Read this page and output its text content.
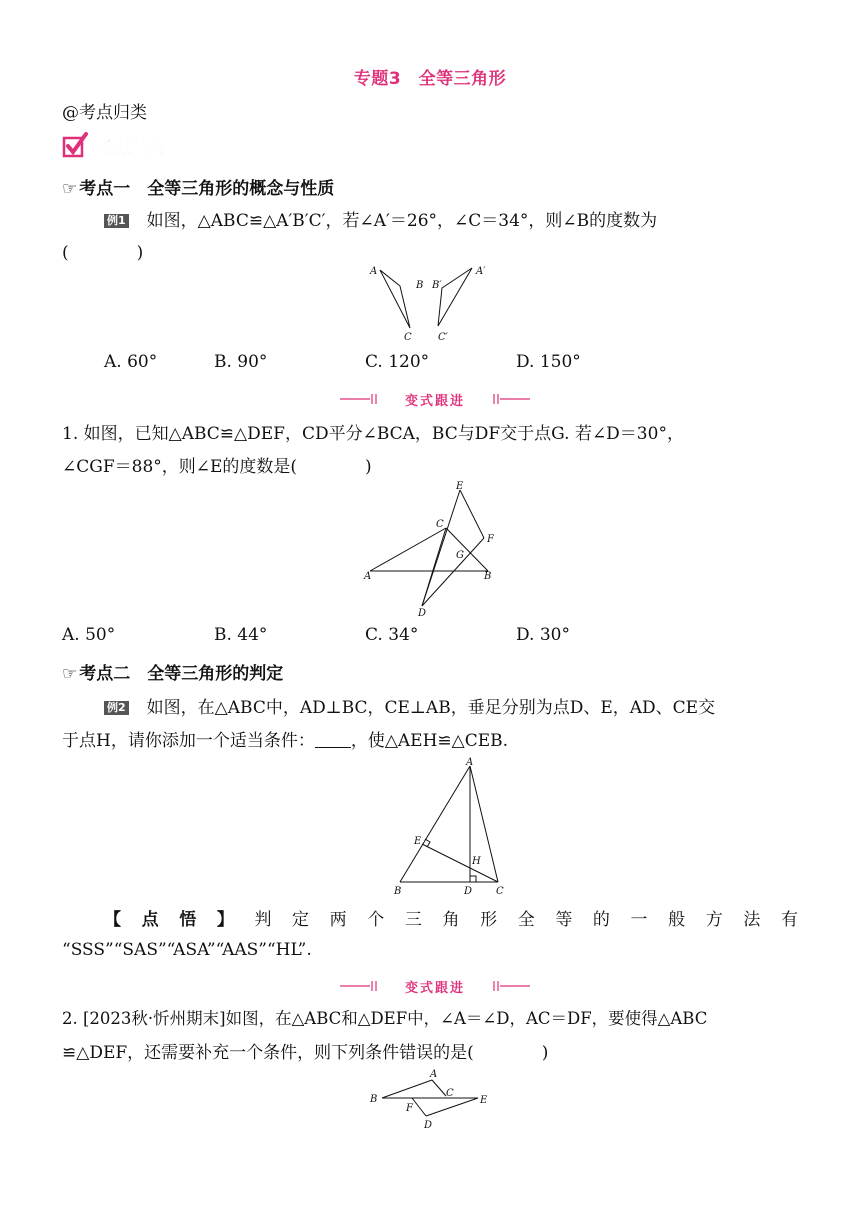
专题3　全等三角形
@考点归类
考点归类
☞ 考点一　全等三角形的概念与性质
例1 如图，△ABC≌△A′B′C′，若∠A′＝26°，∠C＝34°，则∠B的度数为
(　　　　)
A
B
C
B′
A′
C′
A. 60°	B. 90°	C. 120°	D. 150°
变式跟进
1. 如图，已知△ABC≌△DEF，CD平分∠BCA，BC与DF交于点G. 若∠D＝30°，
∠CGF＝88°，则∠E的度数是(　　　　)
E
C
F
G
A	B
D
A. 50°	B. 44°	C. 34°	D. 30°
☞ 考点二　全等三角形的判定
例2 如图，在△ABC中，AD⊥BC，CE⊥AB，垂足分别为点D、E，AD、CE交
于点H，请你添加一个适当条件： ，使△AEH≌△CEB.
A
E
H
B	D C
【 点 悟 】 判 定 两 个 三 角 形 全 等 的 一 般 方 法 有
“SSS”“SAS”“ASA”“AAS”“HL”.
变式跟进
2. [2023秋·忻州期末]如图，在△ABC和△DEF中，∠A＝∠D，AC＝DF，要使得△ABC
≌△DEF，还需要补充一个条件，则下列条件错误的是(　　　　)
A
B
C
E
F
D
